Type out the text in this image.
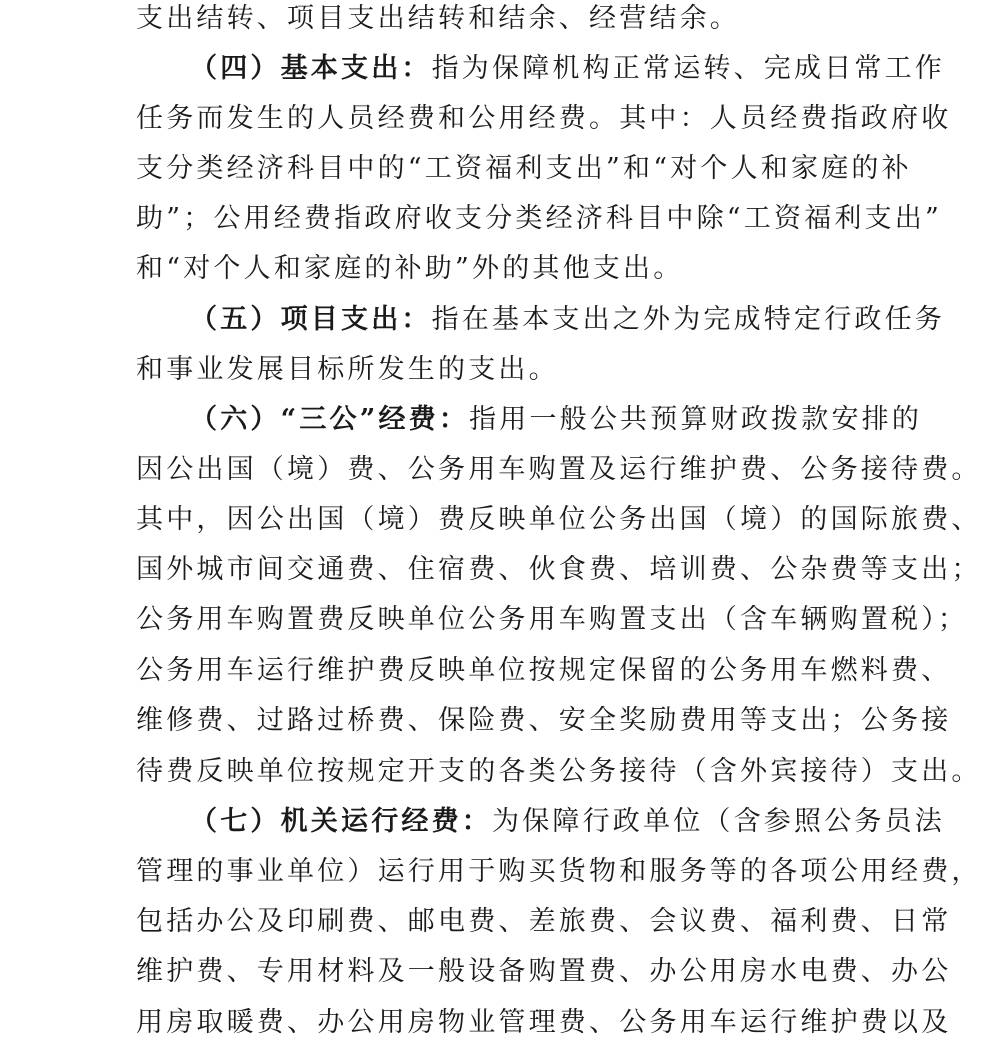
支出结转、项目支出结转和结余、经营结余。
（四）基本支出：指为保障机构正常运转、完成日常工作
任务而发生的人员经费和公用经费。其中：人员经费指政府收
支分类经济科目中的“工资福利支出”和“对个人和家庭的补
助”；公用经费指政府收支分类经济科目中除“工资福利支出”
和“对个人和家庭的补助”外的其他支出。
（五）项目支出：指在基本支出之外为完成特定行政任务
和事业发展目标所发生的支出。
（六）“三公”经费：指用一般公共预算财政拨款安排的
因公出国（境）费、公务用车购置及运行维护费、公务接待费。
其中，因公出国（境）费反映单位公务出国（境）的国际旅费、
国外城市间交通费、住宿费、伙食费、培训费、公杂费等支出；
公务用车购置费反映单位公务用车购置支出（含车辆购置税）；
公务用车运行维护费反映单位按规定保留的公务用车燃料费、
维修费、过路过桥费、保险费、安全奖励费用等支出；公务接
待费反映单位按规定开支的各类公务接待（含外宾接待）支出。
（七）机关运行经费：为保障行政单位（含参照公务员法
管理的事业单位）运行用于购买货物和服务等的各项公用经费，
包括办公及印刷费、邮电费、差旅费、会议费、福利费、日常
维护费、专用材料及一般设备购置费、办公用房水电费、办公
用房取暖费、办公用房物业管理费、公务用车运行维护费以及
